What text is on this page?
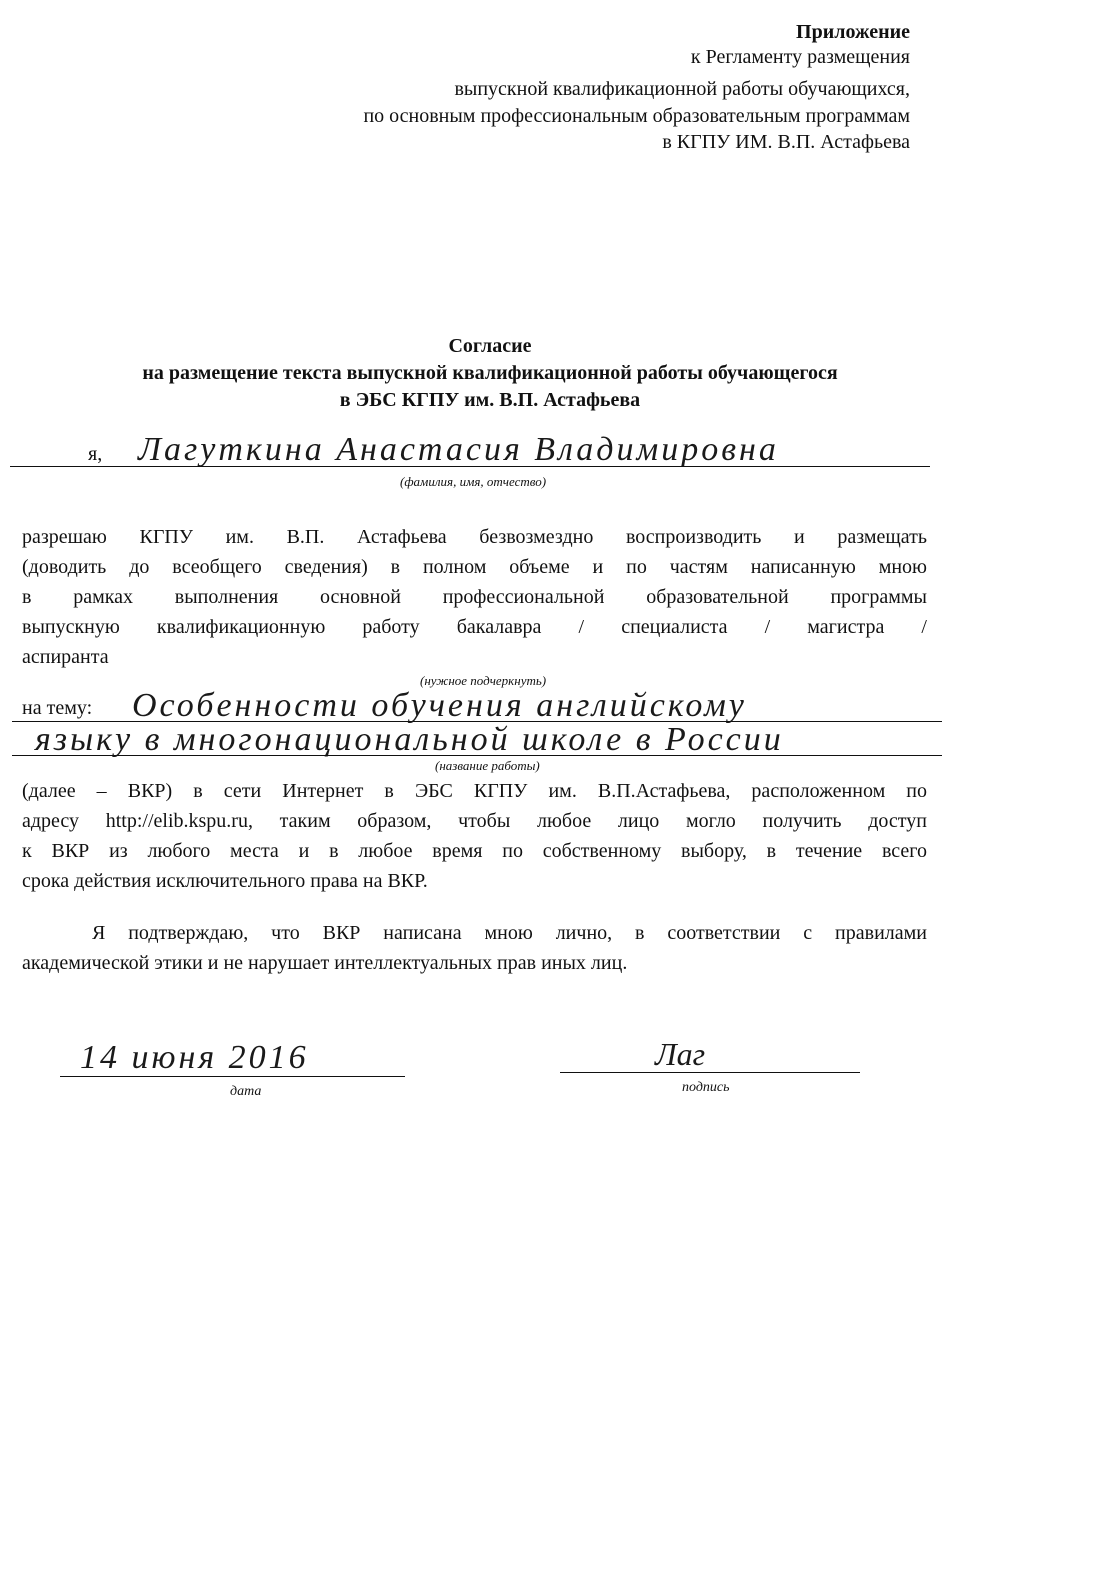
Приложение
к Регламенту размещения
выпускной квалификационной работы обучающихся,
по основным профессиональным образовательным программам
в КГПУ ИМ. В.П. Астафьева
Согласие
на размещение текста выпускной квалификационной работы обучающегося
в ЭБС КГПУ им. В.П. Астафьева
я, Лагуткина Анастасия Владимировна
(фамилия, имя, отчество)
разрешаю КГПУ им. В.П. Астафьева безвозмездно воспроизводить и размещать
(доводить до всеобщего сведения) в полном объеме и по частям написанную мною
в рамках выполнения основной профессиональной образовательной программы
выпускную квалификационную работу бакалавра / специалиста / магистра /
аспиранта
(нужное подчеркнуть)
на тему: Особенности обучения английскому
языку в многонациональной школе в России
(название работы)
(далее – ВКР) в сети Интернет в ЭБС КГПУ им. В.П.Астафьева, расположенном по
адресу http://elib.kspu.ru, таким образом, чтобы любое лицо могло получить доступ
к ВКР из любого места и в любое время по собственному выбору, в течение всего
срока действия исключительного права на ВКР.
Я подтверждаю, что ВКР написана мною лично, в соответствии с правилами
академической этики и не нарушает интеллектуальных прав иных лиц.
14 июня 2016
дата
Лаг
подпись
